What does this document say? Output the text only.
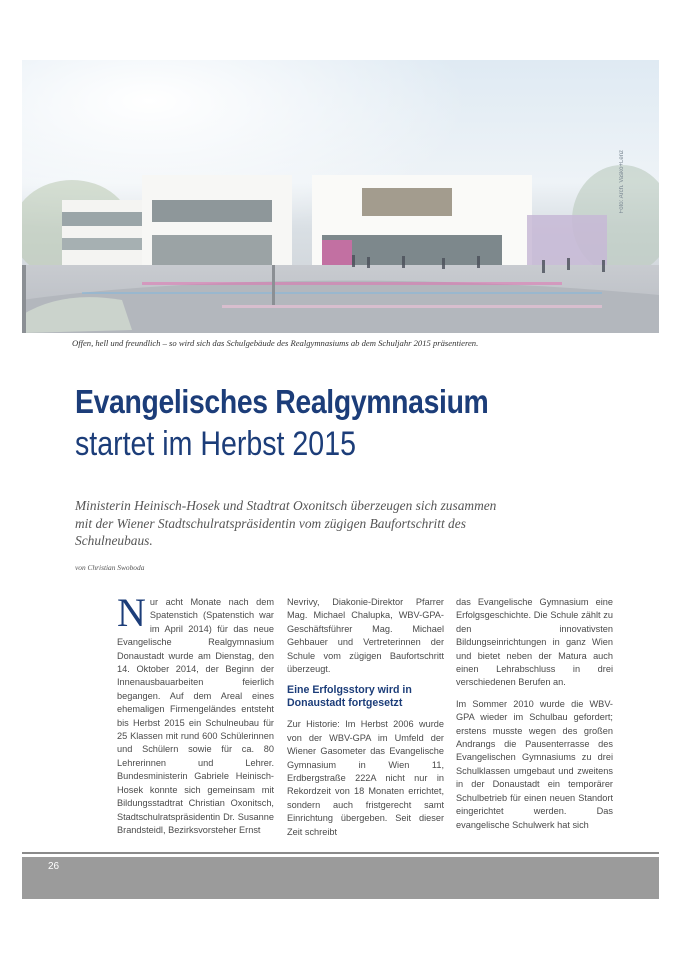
Foto: Arch. Vasko+Lenz
Offen, hell und freundlich – so wird sich das Schulgebäude des Realgymnasiums ab dem Schuljahr 2015 präsentieren.
Evangelisches Realgymnasium
startet im Herbst 2015
Ministerin Heinisch-Hosek und Stadtrat Oxonitsch überzeugen sich zusammen mit der Wiener Stadtschulratspräsidentin vom zügigen Baufortschritt des Schulneubaus.
von Christian Swoboda
N ur acht Monate nach dem Spatenstich (Spatenstich war im April 2014) für das neue Evangelische Realgymnasium Donaustadt wurde am Dienstag, den 14. Oktober 2014, der Beginn der Innenausbauarbeiten feierlich begangen. Auf dem Areal eines ehemaligen Firmengeländes entsteht bis Herbst 2015 ein Schulneubau für 25 Klassen mit rund 600 Schülerinnen und Schülern sowie für ca. 80 Lehrerinnen und Lehrer. Bundesministerin Gabriele Heinisch-Hosek konnte sich gemeinsam mit Bildungsstadtrat Christian Oxonitsch, Stadtschulratspräsidentin Dr. Susanne Brandsteidl, Bezirksvorsteher Ernst

Nevrivy, Diakonie-Direktor Pfarrer Mag. Michael Chalupka, WBV-GPA-Geschäftsführer Mag. Michael Gehbauer und Vertreterinnen der Schule vom zügigen Baufortschritt überzeugt.

Eine Erfolgsstory wird in Donaustadt fortgesetzt

Zur Historie: Im Herbst 2006 wurde von der WBV-GPA im Umfeld der Wiener Gasometer das Evangelische Gymnasium in Wien 11, Erdbergstraße 222A nicht nur in Rekordzeit von 18 Monaten errichtet, sondern auch fristgerecht samt Einrichtung übergeben. Seit dieser Zeit schreibt

das Evangelische Gymnasium eine Erfolgsgeschichte. Die Schule zählt zu den innovativsten Bildungseinrichtungen in ganz Wien und bietet neben der Matura auch einen Lehrabschluss in drei verschiedenen Berufen an.

Im Sommer 2010 wurde die WBV-GPA wieder im Schulbau gefordert; erstens musste wegen des großen Andrangs die Pausenterrasse des Evangelischen Gymnasiums zu drei Schulklassen umgebaut und zweitens in der Donaustadt ein temporärer Schulbetrieb für einen neuen Standort eingerichtet werden. Das evangelische Schulwerk hat sich

26
